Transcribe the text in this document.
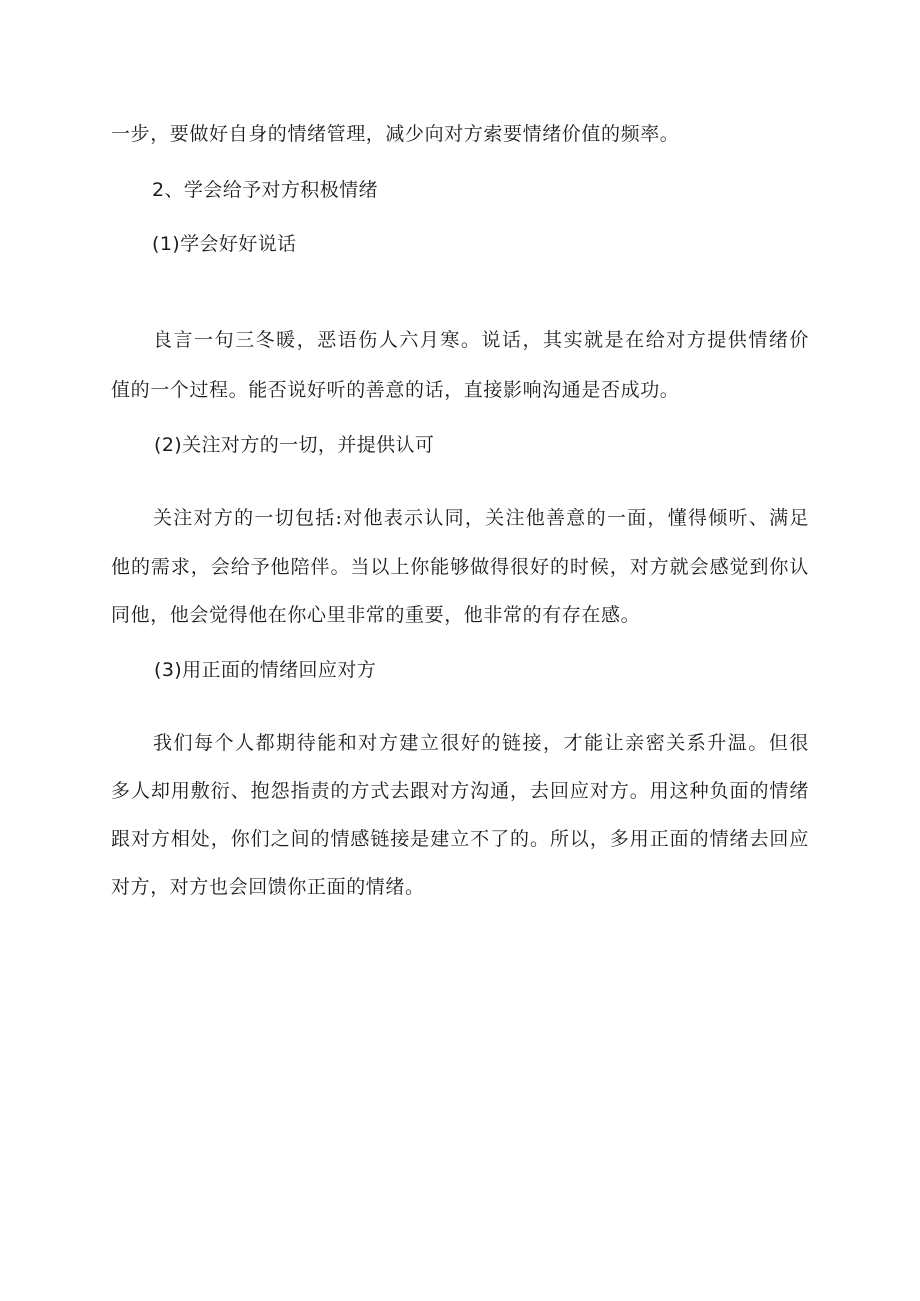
一步，要做好自身的情绪管理，减少向对方索要情绪价值的频率。
2、学会给予对方积极情绪
(1)学会好好说话
良言一句三冬暖，恶语伤人六月寒。说话，其实就是在给对方提供情绪价
值的一个过程。能否说好听的善意的话，直接影响沟通是否成功。
(2)关注对方的一切，并提供认可
关注对方的一切包括:对他表示认同，关注他善意的一面，懂得倾听、满足
他的需求，会给予他陪伴。当以上你能够做得很好的时候，对方就会感觉到你认
同他，他会觉得他在你心里非常的重要，他非常的有存在感。
(3)用正面的情绪回应对方
我们每个人都期待能和对方建立很好的链接，才能让亲密关系升温。但很
多人却用敷衍、抱怨指责的方式去跟对方沟通，去回应对方。用这种负面的情绪
跟对方相处，你们之间的情感链接是建立不了的。所以，多用正面的情绪去回应
对方，对方也会回馈你正面的情绪。
